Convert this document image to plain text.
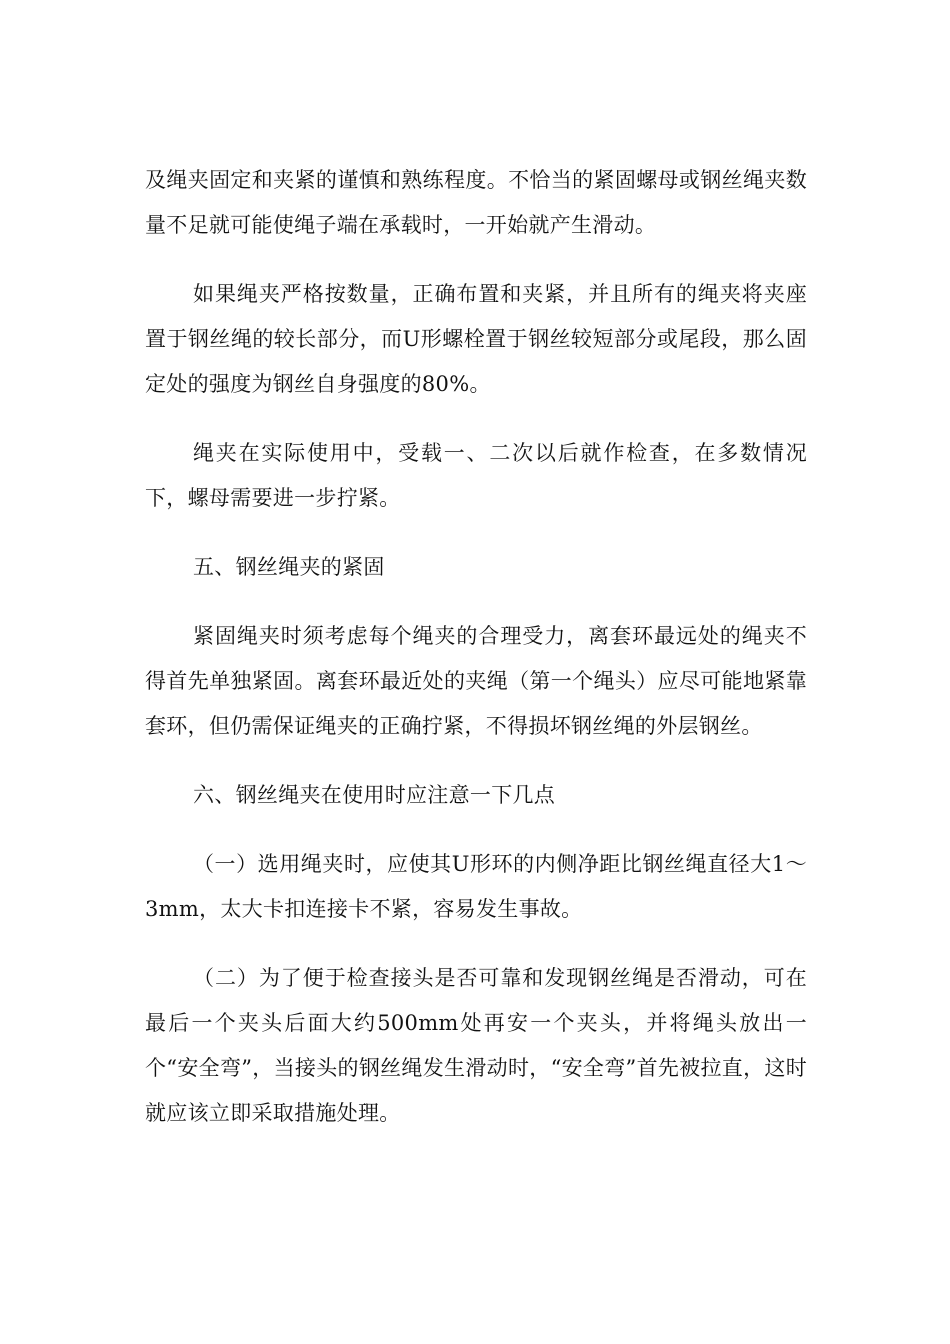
及绳夹固定和夹紧的谨慎和熟练程度。不恰当的紧固螺母或钢丝绳夹数量不足就可能使绳子端在承载时，一开始就产生滑动。

如果绳夹严格按数量，正确布置和夹紧，并且所有的绳夹将夹座置于钢丝绳的较长部分，而U形螺栓置于钢丝较短部分或尾段，那么固定处的强度为钢丝自身强度的80%。

绳夹在实际使用中，受载一、二次以后就作检查，在多数情况下，螺母需要进一步拧紧。

五、钢丝绳夹的紧固

紧固绳夹时须考虑每个绳夹的合理受力，离套环最远处的绳夹不得首先单独紧固。离套环最近处的夹绳（第一个绳头）应尽可能地紧靠套环，但仍需保证绳夹的正确拧紧，不得损坏钢丝绳的外层钢丝。

六、钢丝绳夹在使用时应注意一下几点

（一）选用绳夹时，应使其U形环的内侧净距比钢丝绳直径大1～3mm，太大卡扣连接卡不紧，容易发生事故。

（二）为了便于检查接头是否可靠和发现钢丝绳是否滑动，可在最后一个夹头后面大约500mm处再安一个夹头，并将绳头放出一个“安全弯”，当接头的钢丝绳发生滑动时，“安全弯”首先被拉直，这时就应该立即采取措施处理。
